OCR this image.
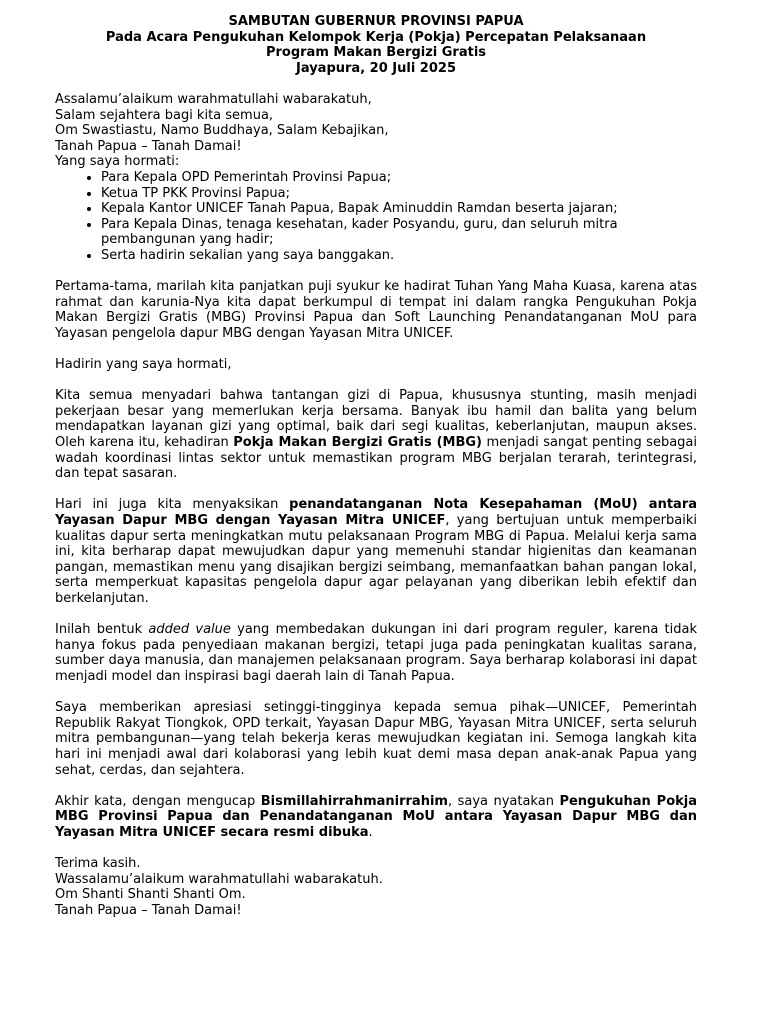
SAMBUTAN GUBERNUR PROVINSI PAPUA
Pada Acara Pengukuhan Kelompok Kerja (Pokja) Percepatan Pelaksanaan
Program Makan Bergizi Gratis
Jayapura, 20 Juli 2025
Assalamu’alaikum warahmatullahi wabarakatuh,
Salam sejahtera bagi kita semua,
Om Swastiastu, Namo Buddhaya, Salam Kebajikan,
Tanah Papua – Tanah Damai!
Yang saya hormati:
• Para Kepala OPD Pemerintah Provinsi Papua;
• Ketua TP PKK Provinsi Papua;
• Kepala Kantor UNICEF Tanah Papua, Bapak Aminuddin Ramdan beserta jajaran;
• Para Kepala Dinas, tenaga kesehatan, kader Posyandu, guru, dan seluruh mitra pembangunan yang hadir;
• Serta hadirin sekalian yang saya banggakan.

Pertama-tama, marilah kita panjatkan puji syukur ke hadirat Tuhan Yang Maha Kuasa, karena atas rahmat dan karunia-Nya kita dapat berkumpul di tempat ini dalam rangka Pengukuhan Pokja Makan Bergizi Gratis (MBG) Provinsi Papua dan Soft Launching Penandatanganan MoU para Yayasan pengelola dapur MBG dengan Yayasan Mitra UNICEF.

Hadirin yang saya hormati,

Kita semua menyadari bahwa tantangan gizi di Papua, khususnya stunting, masih menjadi pekerjaan besar yang memerlukan kerja bersama. Banyak ibu hamil dan balita yang belum mendapatkan layanan gizi yang optimal, baik dari segi kualitas, keberlanjutan, maupun akses. Oleh karena itu, kehadiran Pokja Makan Bergizi Gratis (MBG) menjadi sangat penting sebagai wadah koordinasi lintas sektor untuk memastikan program MBG berjalan terarah, terintegrasi, dan tepat sasaran.

Hari ini juga kita menyaksikan penandatanganan Nota Kesepahaman (MoU) antara Yayasan Dapur MBG dengan Yayasan Mitra UNICEF, yang bertujuan untuk memperbaiki kualitas dapur serta meningkatkan mutu pelaksanaan Program MBG di Papua. Melalui kerja sama ini, kita berharap dapat mewujudkan dapur yang memenuhi standar higienitas dan keamanan pangan, memastikan menu yang disajikan bergizi seimbang, memanfaatkan bahan pangan lokal, serta memperkuat kapasitas pengelola dapur agar pelayanan yang diberikan lebih efektif dan berkelanjutan.

Inilah bentuk added value yang membedakan dukungan ini dari program reguler, karena tidak hanya fokus pada penyediaan makanan bergizi, tetapi juga pada peningkatan kualitas sarana, sumber daya manusia, dan manajemen pelaksanaan program. Saya berharap kolaborasi ini dapat menjadi model dan inspirasi bagi daerah lain di Tanah Papua.

Saya memberikan apresiasi setinggi-tingginya kepada semua pihak—UNICEF, Pemerintah Republik Rakyat Tiongkok, OPD terkait, Yayasan Dapur MBG, Yayasan Mitra UNICEF, serta seluruh mitra pembangunan—yang telah bekerja keras mewujudkan kegiatan ini. Semoga langkah kita hari ini menjadi awal dari kolaborasi yang lebih kuat demi masa depan anak-anak Papua yang sehat, cerdas, dan sejahtera.

Akhir kata, dengan mengucap Bismillahirrahmanirrahim, saya nyatakan Pengukuhan Pokja MBG Provinsi Papua dan Penandatanganan MoU antara Yayasan Dapur MBG dan Yayasan Mitra UNICEF secara resmi dibuka.

Terima kasih.
Wassalamu’alaikum warahmatullahi wabarakatuh.
Om Shanti Shanti Shanti Om.
Tanah Papua – Tanah Damai!
